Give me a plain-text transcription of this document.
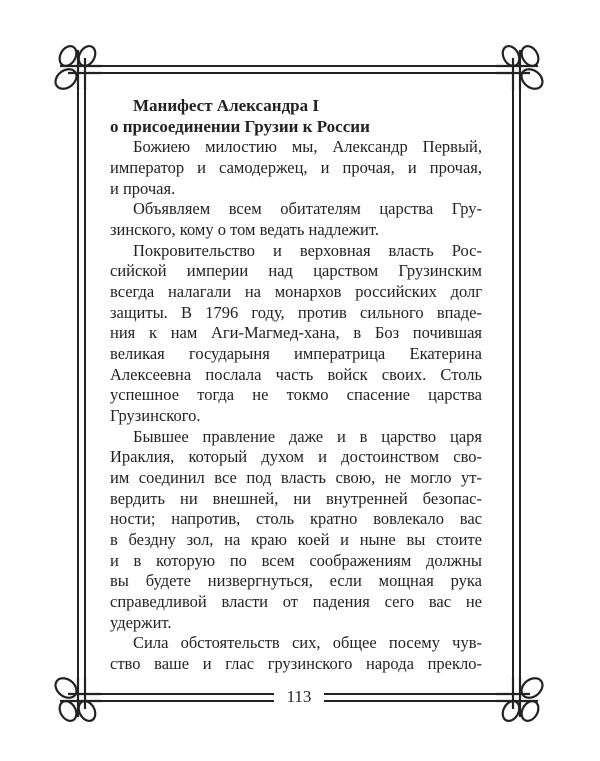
Манифест Александра I
о присоединении Грузии к России
Божиею милостию мы, Александр Первый,
император и самодержец, и прочая, и прочая,
и прочая.
Объявляем всем обитателям царства Гру-
зинского, кому о том ведать надлежит.
Покровительство и верховная власть Рос-
сийской империи над царством Грузинским
всегда налагали на монархов российских долг
защиты. В 1796 году, против сильного впаде-
ния к нам Аги-Магмед-хана, в Боз почившая
великая государыня императрица Екатерина
Алексеевна послала часть войск своих. Столь
успешное тогда не токмо спасение царства
Грузинского.
Бывшее правление даже и в царство царя
Ираклия, который духом и достоинством сво-
им соединил все под власть свою, не могло ут-
вердить ни внешней, ни внутренней безопас-
ности; напротив, столь кратно вовлекало вас
в бездну зол, на краю коей и ныне вы стоите
и в которую по всем соображениям должны
вы будете низвергнуться, если мощная рука
справедливой власти от падения сего вас не
удержит.
Сила обстоятельств сих, общее посему чув-
ство ваше и глас грузинского народа прекло-
113
